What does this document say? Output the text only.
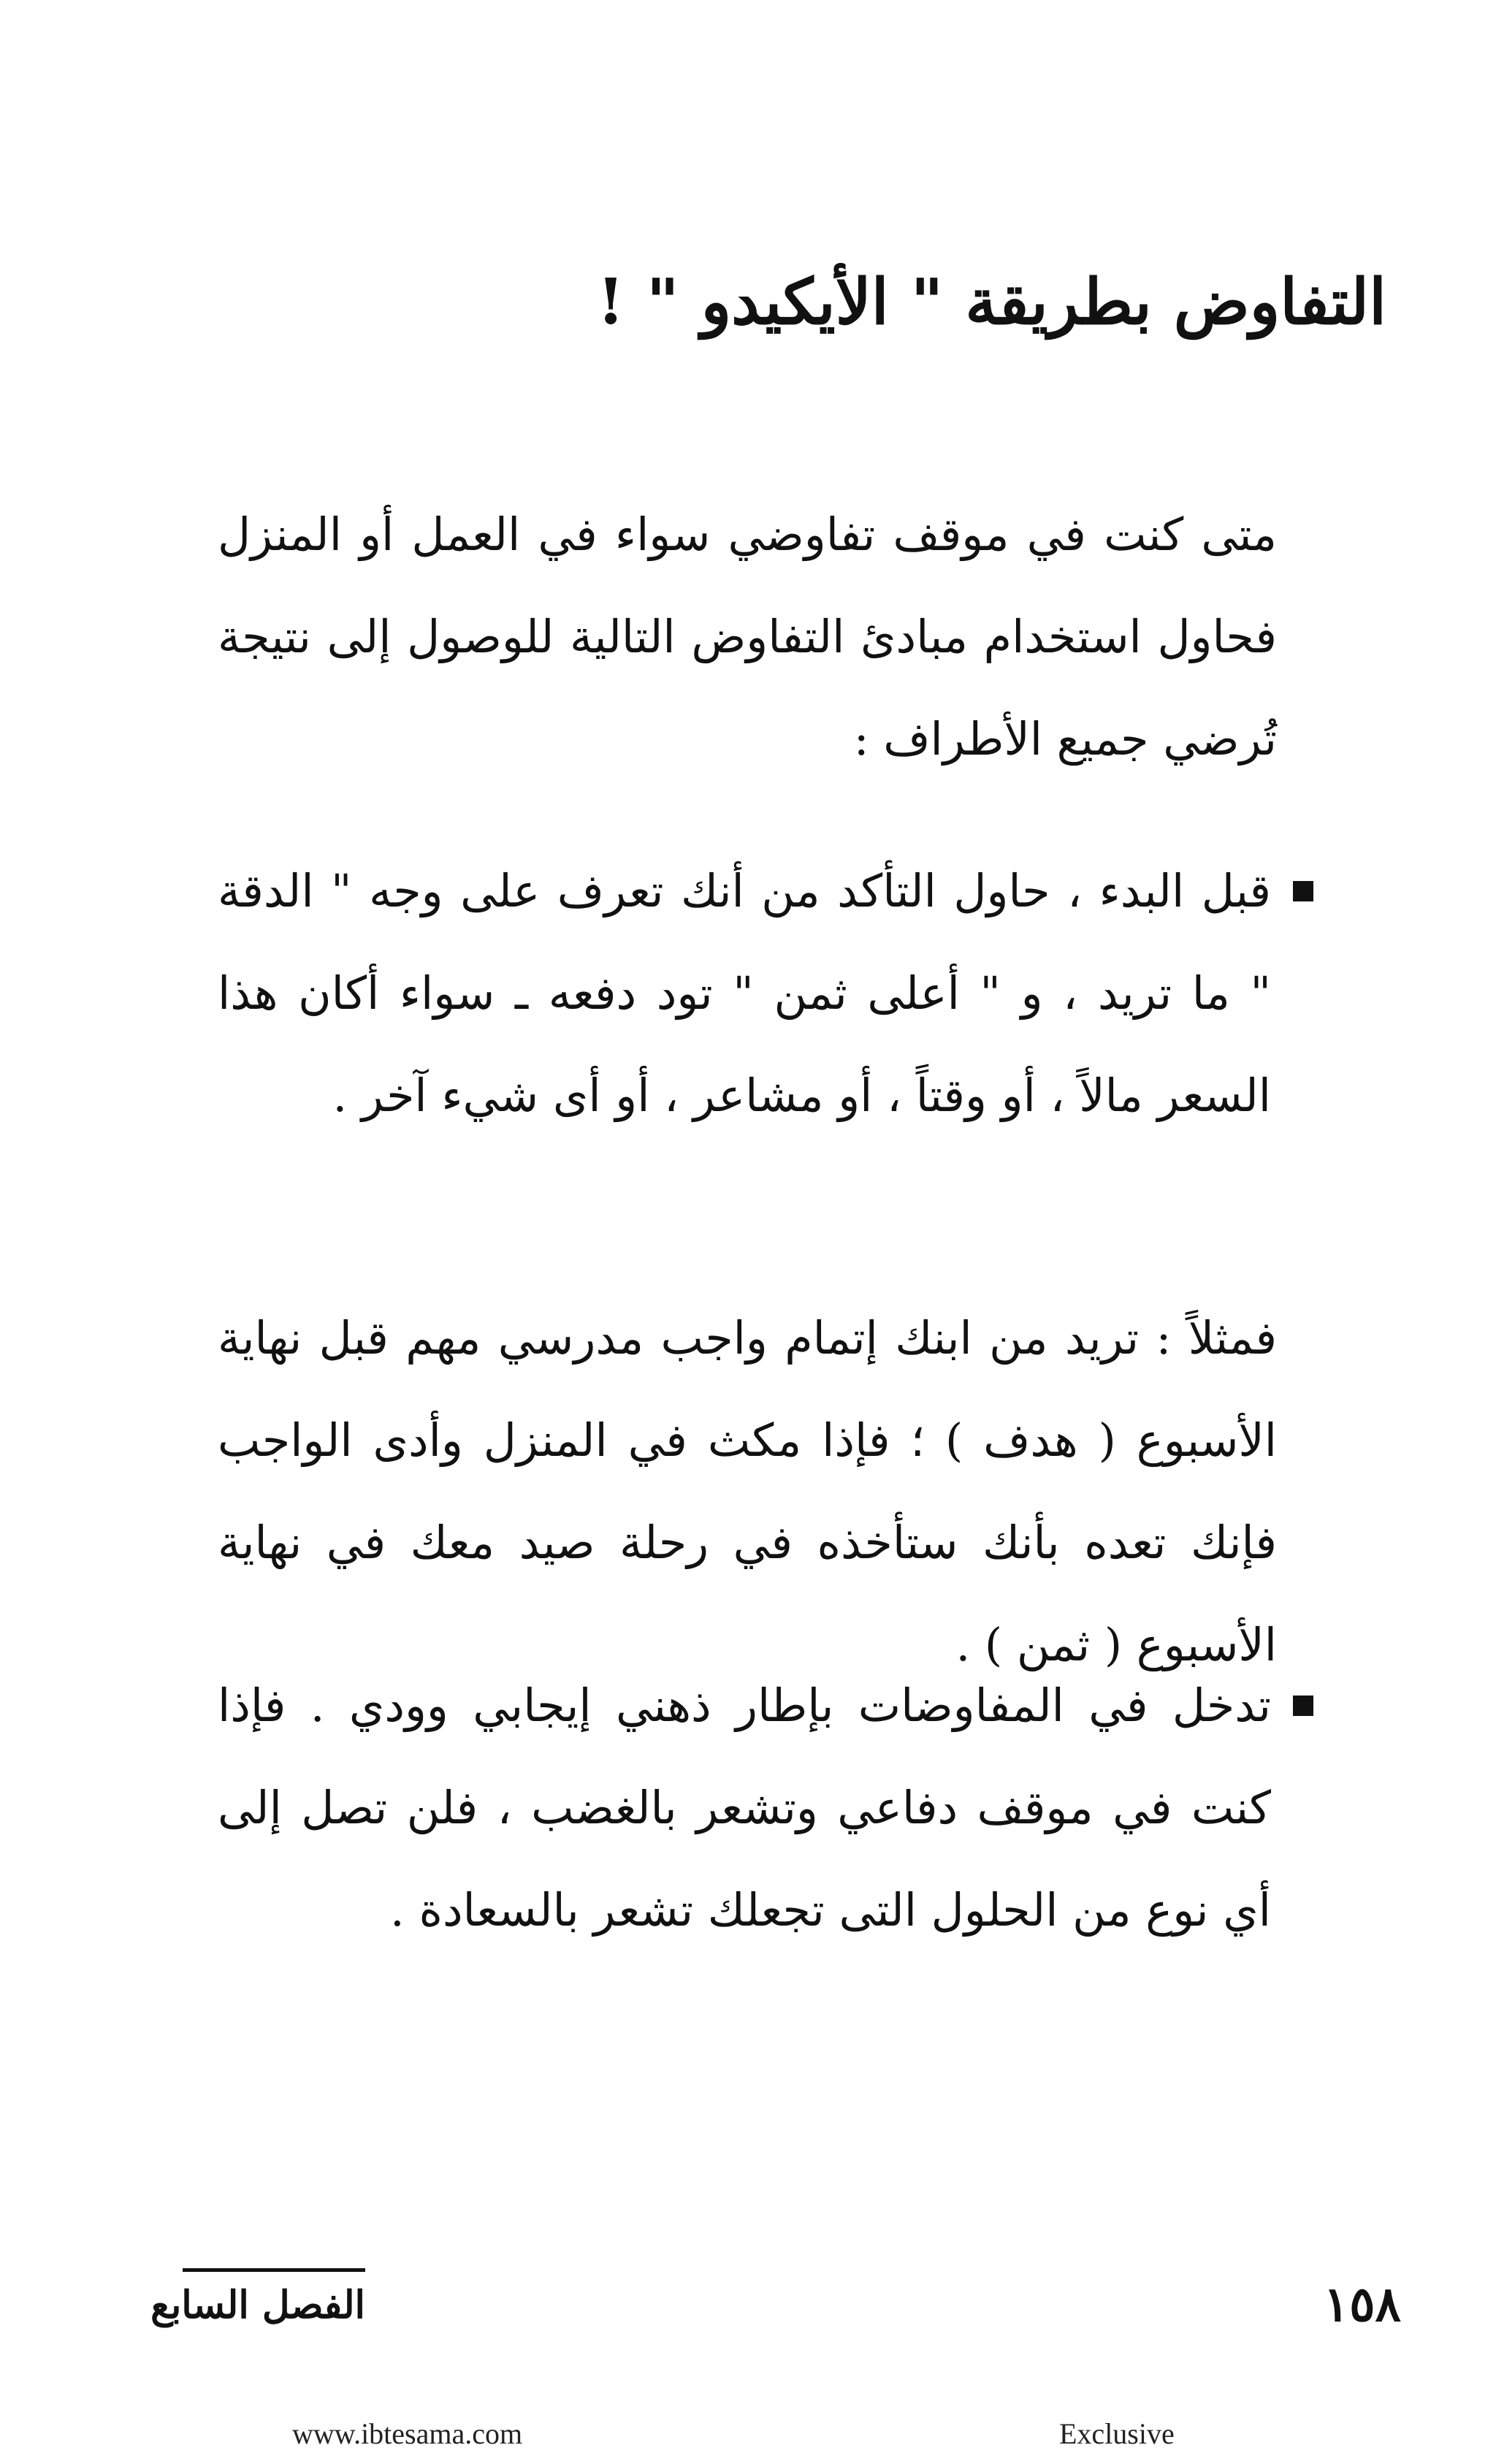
التفاوض بطريقة " الأيكيدو " !

متى كنت في موقف تفاوضي سواء في العمل أو المنزل فحاول استخدام مبادئ التفاوض التالية للوصول إلى نتيجة تُرضي جميع الأطراف :

قبل البدء ، حاول التأكد من أنك تعرف على وجه " الدقة " ما تريد ، و " أعلى ثمن " تود دفعه ـ سواء أكان هذا السعر مالاً ، أو وقتاً ، أو مشاعر ، أو أى شيء آخر .

فمثلاً : تريد من ابنك إتمام واجب مدرسي مهم قبل نهاية الأسبوع ( هدف ) ؛ فإذا مكث في المنزل وأدى الواجب فإنك تعده بأنك ستأخذه في رحلة صيد معك في نهاية الأسبوع ( ثمن ) .

تدخل في المفاوضات بإطار ذهني إيجابي وودي . فإذا كنت في موقف دفاعي وتشعر بالغضب ، فلن تصل إلى أي نوع من الحلول التى تجعلك تشعر بالسعادة .
١٥٨
الفصل السابع
www.ibtesama.com	Exclusive
